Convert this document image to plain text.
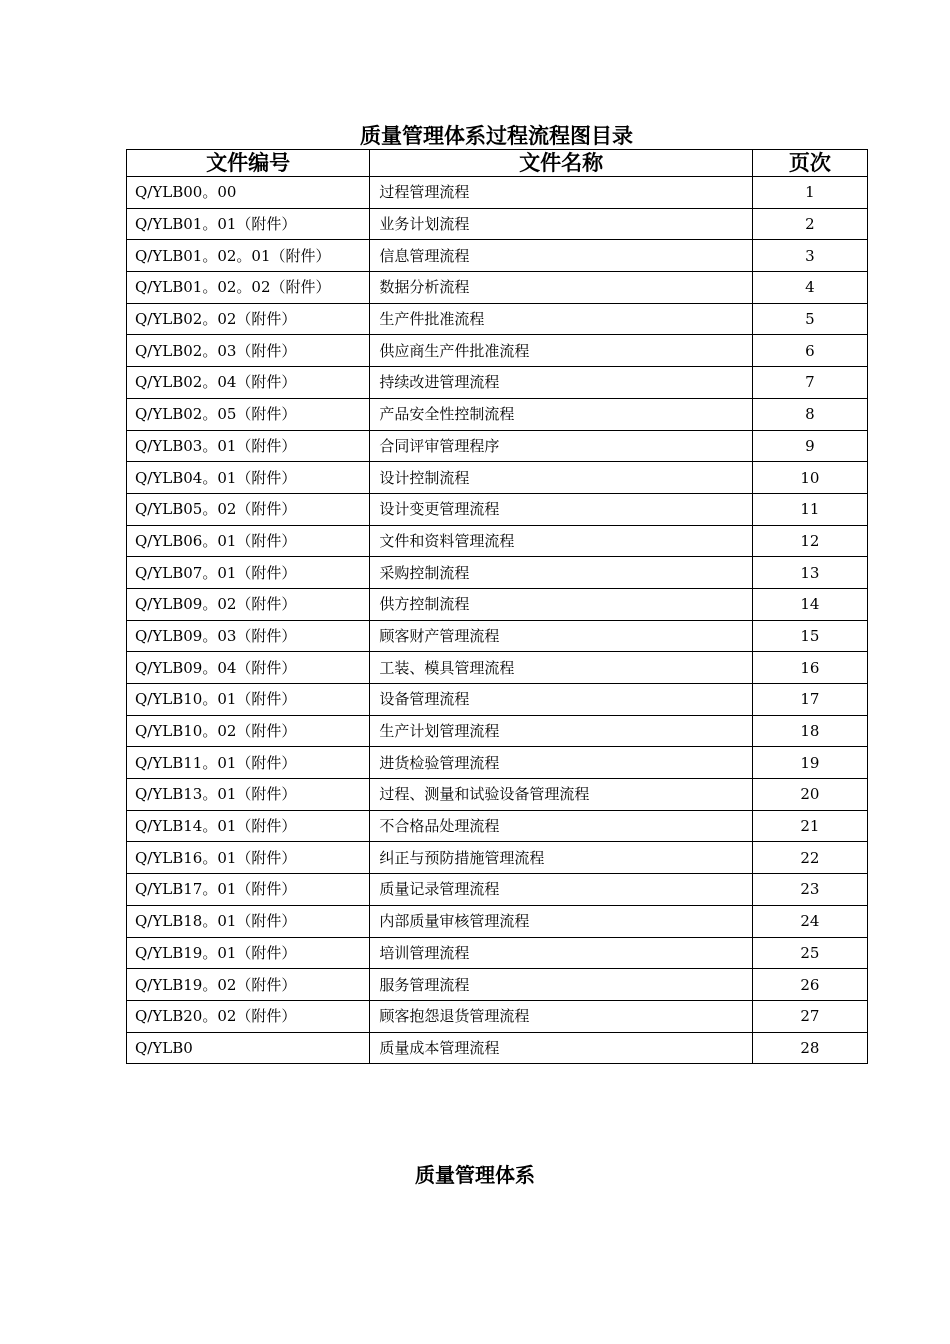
质量管理体系过程流程图目录
文件编号	文件名称	页次
Q/YLB00。00	过程管理流程	1
Q/YLB01。01（附件）	业务计划流程	2
Q/YLB01。02。01（附件）	信息管理流程	3
Q/YLB01。02。02（附件）	数据分析流程	4
Q/YLB02。02（附件）	生产件批准流程	5
Q/YLB02。03（附件）	供应商生产件批准流程	6
Q/YLB02。04（附件）	持续改进管理流程	7
Q/YLB02。05（附件）	产品安全性控制流程	8
Q/YLB03。01（附件）	合同评审管理程序	9
Q/YLB04。01（附件）	设计控制流程	10
Q/YLB05。02（附件）	设计变更管理流程	11
Q/YLB06。01（附件）	文件和资料管理流程	12
Q/YLB07。01（附件）	采购控制流程	13
Q/YLB09。02（附件）	供方控制流程	14
Q/YLB09。03（附件）	顾客财产管理流程	15
Q/YLB09。04（附件）	工装、模具管理流程	16
Q/YLB10。01（附件）	设备管理流程	17
Q/YLB10。02（附件）	生产计划管理流程	18
Q/YLB11。01（附件）	进货检验管理流程	19
Q/YLB13。01（附件）	过程、测量和试验设备管理流程	20
Q/YLB14。01（附件）	不合格品处理流程	21
Q/YLB16。01（附件）	纠正与预防措施管理流程	22
Q/YLB17。01（附件）	质量记录管理流程	23
Q/YLB18。01（附件）	内部质量审核管理流程	24
Q/YLB19。01（附件）	培训管理流程	25
Q/YLB19。02（附件）	服务管理流程	26
Q/YLB20。02（附件）	顾客抱怨退货管理流程	27
Q/YLB0	质量成本管理流程	28
质量管理体系
